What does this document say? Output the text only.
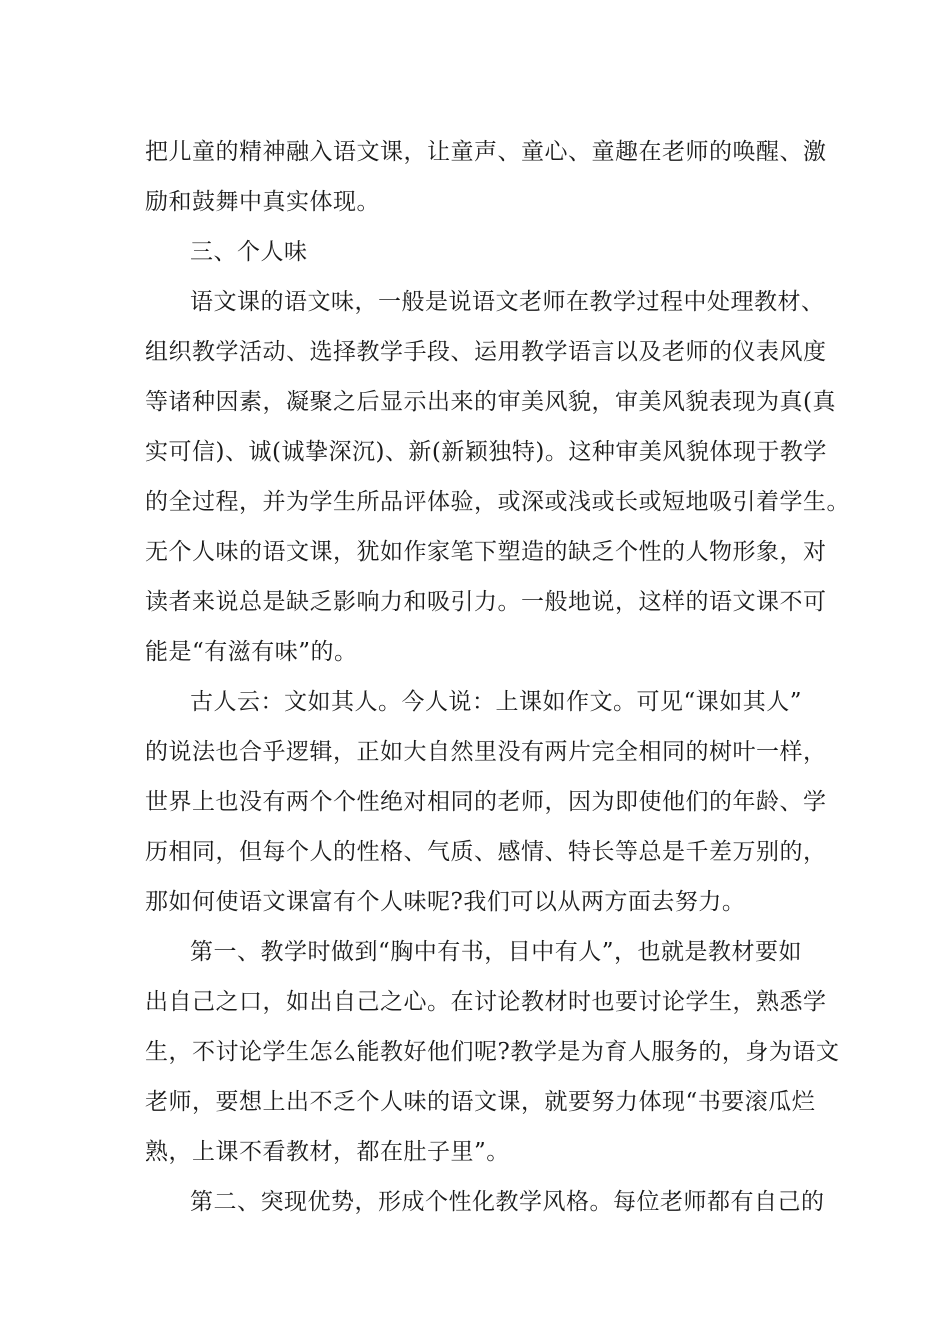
把儿童的精神融入语文课，让童声、童心、童趣在老师的唤醒、激
励和鼓舞中真实体现。
三、个人味
语文课的语文味，一般是说语文老师在教学过程中处理教材、
组织教学活动、选择教学手段、运用教学语言以及老师的仪表风度
等诸种因素，凝聚之后显示出来的审美风貌，审美风貌表现为真(真
实可信)、诚(诚挚深沉)、新(新颖独特)。这种审美风貌体现于教学
的全过程，并为学生所品评体验，或深或浅或长或短地吸引着学生。
无个人味的语文课，犹如作家笔下塑造的缺乏个性的人物形象，对
读者来说总是缺乏影响力和吸引力。一般地说，这样的语文课不可
能是“有滋有味”的。
古人云：文如其人。今人说：上课如作文。可见“课如其人”
的说法也合乎逻辑，正如大自然里没有两片完全相同的树叶一样，
世界上也没有两个个性绝对相同的老师，因为即使他们的年龄、学
历相同，但每个人的性格、气质、感情、特长等总是千差万别的，
那如何使语文课富有个人味呢?我们可以从两方面去努力。
第一、教学时做到“胸中有书，目中有人”，也就是教材要如
出自己之口，如出自己之心。在讨论教材时也要讨论学生，熟悉学
生，不讨论学生怎么能教好他们呢?教学是为育人服务的，身为语文
老师，要想上出不乏个人味的语文课，就要努力体现“书要滚瓜烂
熟，上课不看教材，都在肚子里”。
第二、突现优势，形成个性化教学风格。每位老师都有自己的
